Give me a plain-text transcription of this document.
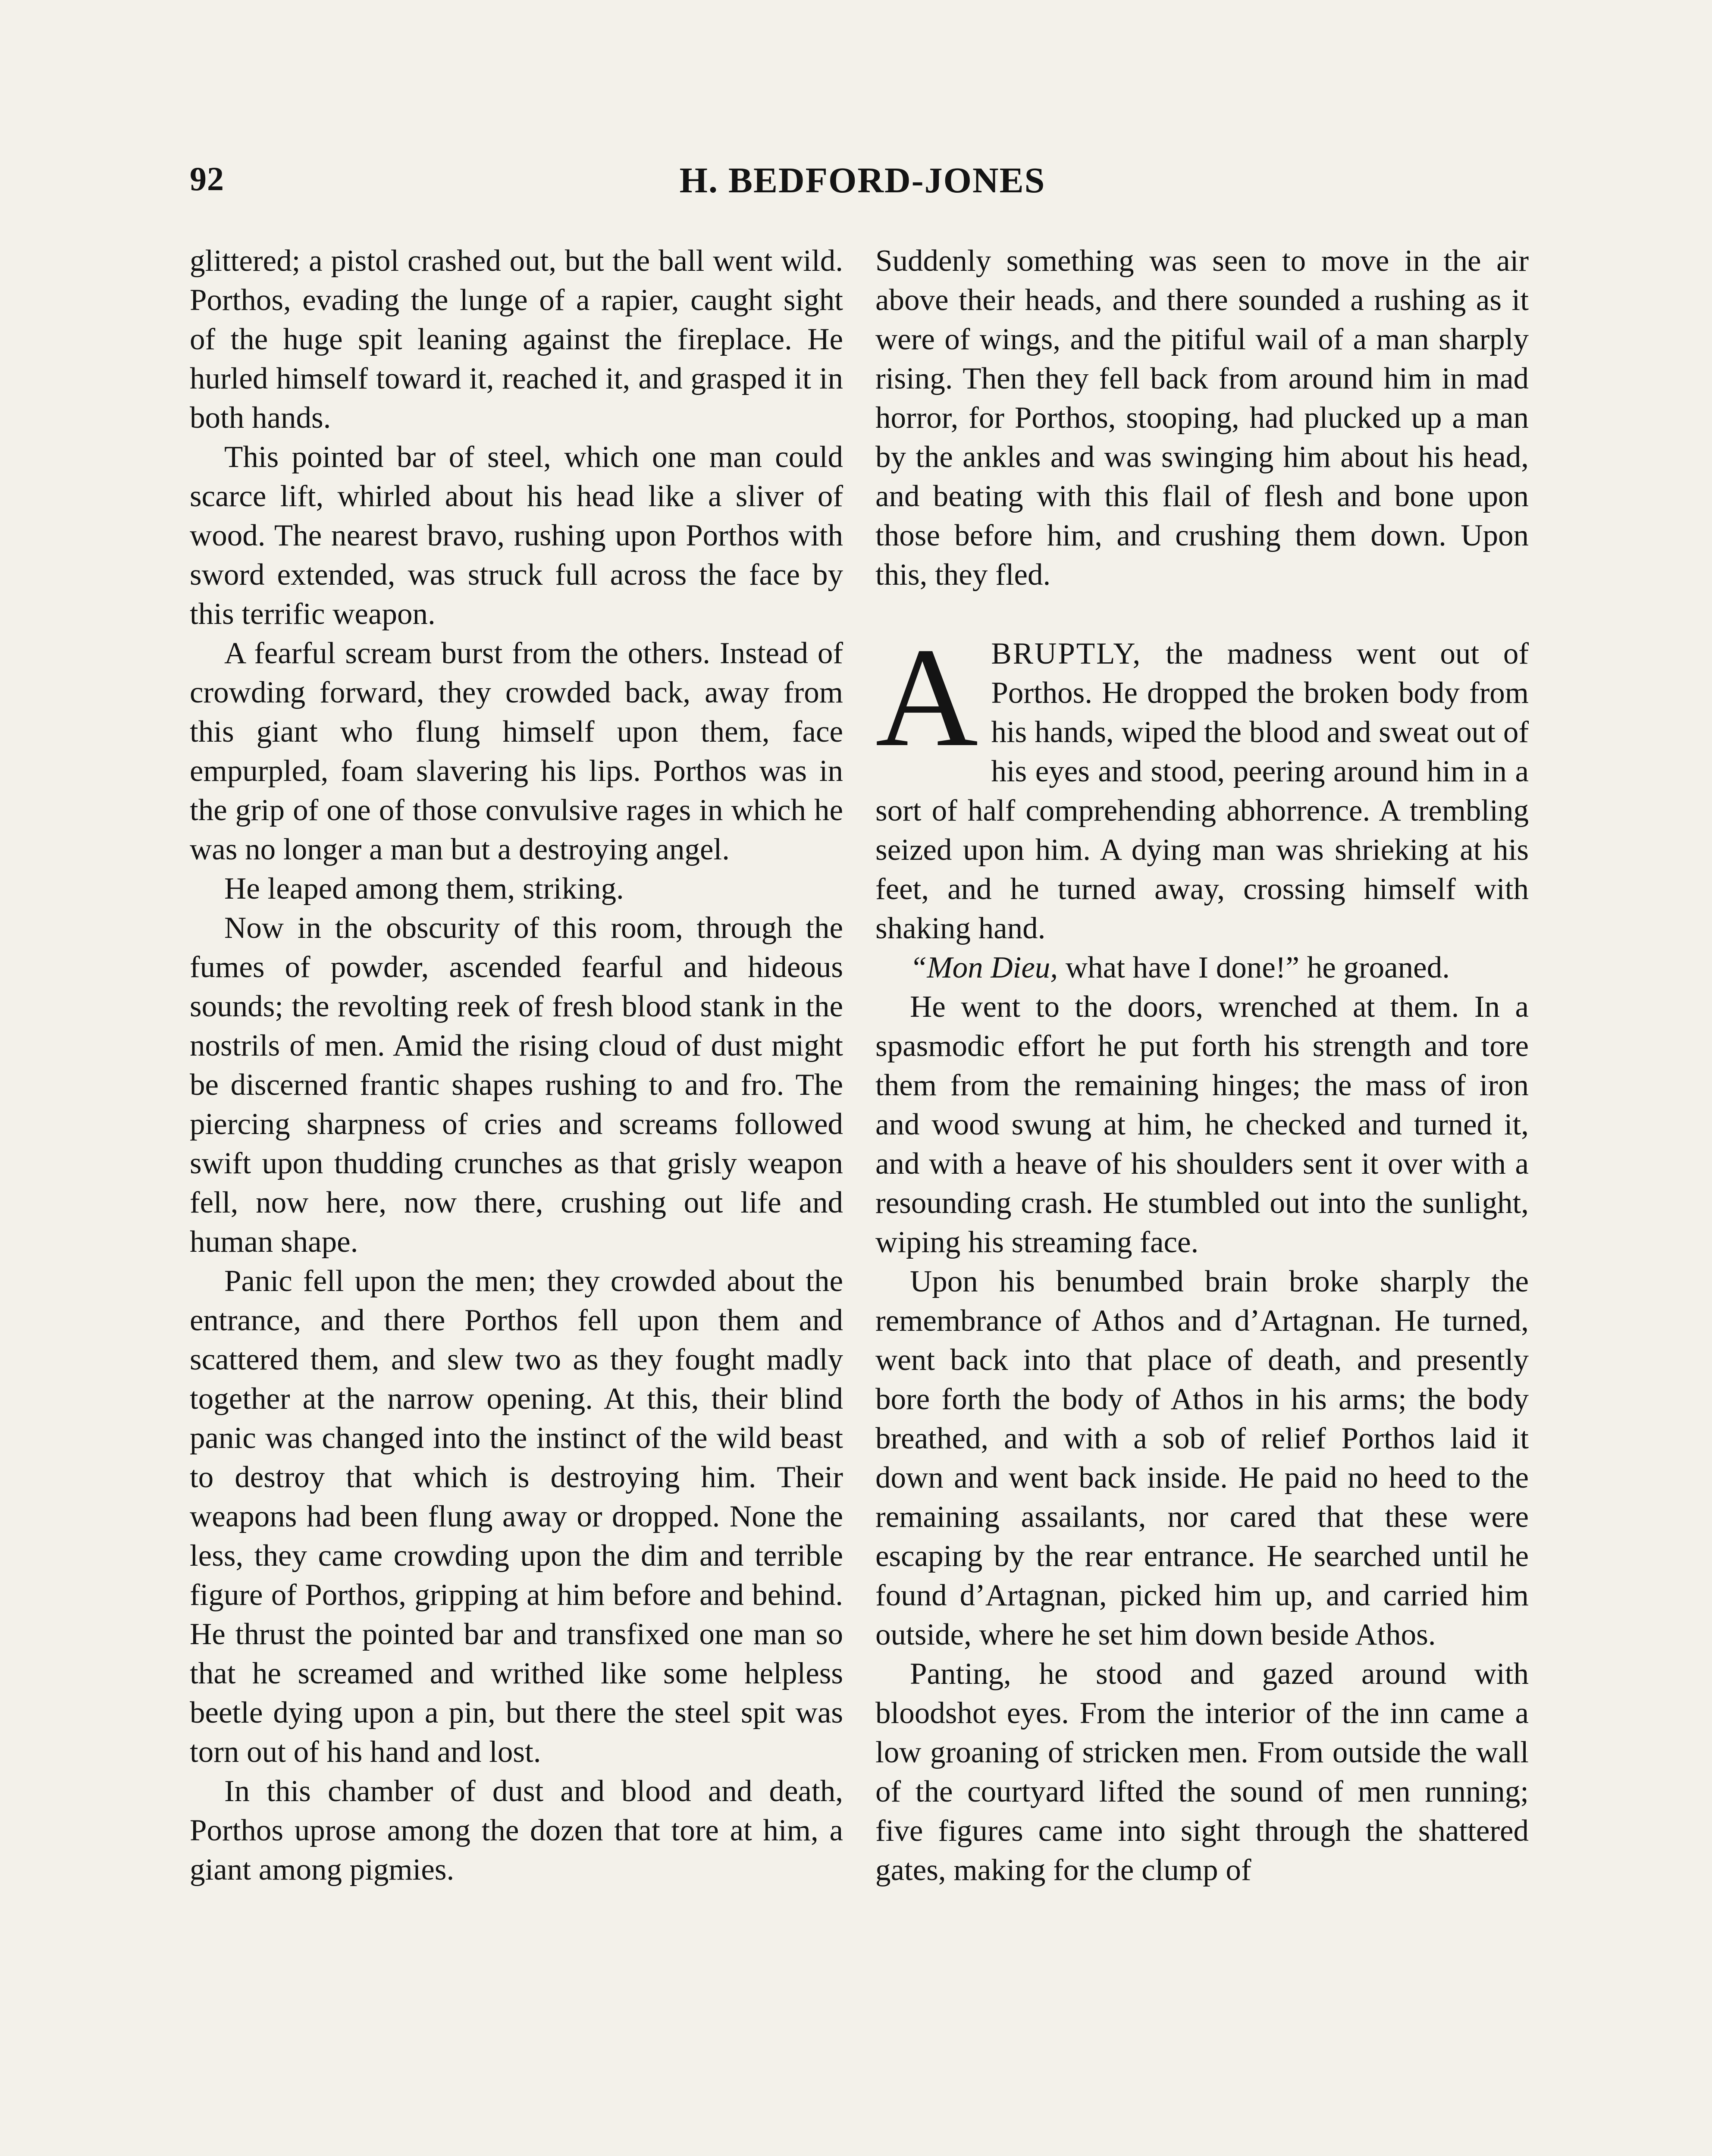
92	H. BEDFORD-JONES

glittered; a pistol crashed out, but the ball went wild. Porthos, evading the lunge of a rapier, caught sight of the huge spit leaning against the fireplace. He hurled himself toward it, reached it, and grasped it in both hands.

This pointed bar of steel, which one man could scarce lift, whirled about his head like a sliver of wood. The nearest bravo, rushing upon Porthos with sword extended, was struck full across the face by this terrific weapon.

A fearful scream burst from the others. Instead of crowding forward, they crowded back, away from this giant who flung himself upon them, face empurpled, foam slavering his lips. Porthos was in the grip of one of those convulsive rages in which he was no longer a man but a destroying angel.

He leaped among them, striking.

Now in the obscurity of this room, through the fumes of powder, ascended fearful and hideous sounds; the revolting reek of fresh blood stank in the nostrils of men. Amid the rising cloud of dust might be discerned frantic shapes rushing to and fro. The piercing sharpness of cries and screams followed swift upon thudding crunches as that grisly weapon fell, now here, now there, crushing out life and human shape.

Panic fell upon the men; they crowded about the entrance, and there Porthos fell upon them and scattered them, and slew two as they fought madly together at the narrow opening. At this, their blind panic was changed into the instinct of the wild beast to destroy that which is destroying him. Their weapons had been flung away or dropped. None the less, they came crowding upon the dim and terrible figure of Porthos, gripping at him before and behind. He thrust the pointed bar and transfixed one man so that he screamed and writhed like some helpless beetle dying upon a pin, but there the steel spit was torn out of his hand and lost.

In this chamber of dust and blood and death, Porthos uprose among the dozen that tore at him, a giant among pigmies.

Suddenly something was seen to move in the air above their heads, and there sounded a rushing as it were of wings, and the pitiful wail of a man sharply rising. Then they fell back from around him in mad horror, for Porthos, stooping, had plucked up a man by the ankles and was swinging him about his head, and beating with this flail of flesh and bone upon those before him, and crushing them down. Upon this, they fled.

ABRUPTLY, the madness went out of Porthos. He dropped the broken body from his hands, wiped the blood and sweat out of his eyes and stood, peering around him in a sort of half comprehending abhorrence. A trembling seized upon him. A dying man was shrieking at his feet, and he turned away, crossing himself with shaking hand.

“Mon Dieu, what have I done!” he groaned.

He went to the doors, wrenched at them. In a spasmodic effort he put forth his strength and tore them from the remaining hinges; the mass of iron and wood swung at him, he checked and turned it, and with a heave of his shoulders sent it over with a resounding crash. He stumbled out into the sunlight, wiping his streaming face.

Upon his benumbed brain broke sharply the remembrance of Athos and d’Artagnan. He turned, went back into that place of death, and presently bore forth the body of Athos in his arms; the body breathed, and with a sob of relief Porthos laid it down and went back inside. He paid no heed to the remaining assailants, nor cared that these were escaping by the rear entrance. He searched until he found d’Artagnan, picked him up, and carried him outside, where he set him down beside Athos.

Panting, he stood and gazed around with bloodshot eyes. From the interior of the inn came a low groaning of stricken men. From outside the wall of the courtyard lifted the sound of men running; five figures came into sight through the shattered gates, making for the clump of
